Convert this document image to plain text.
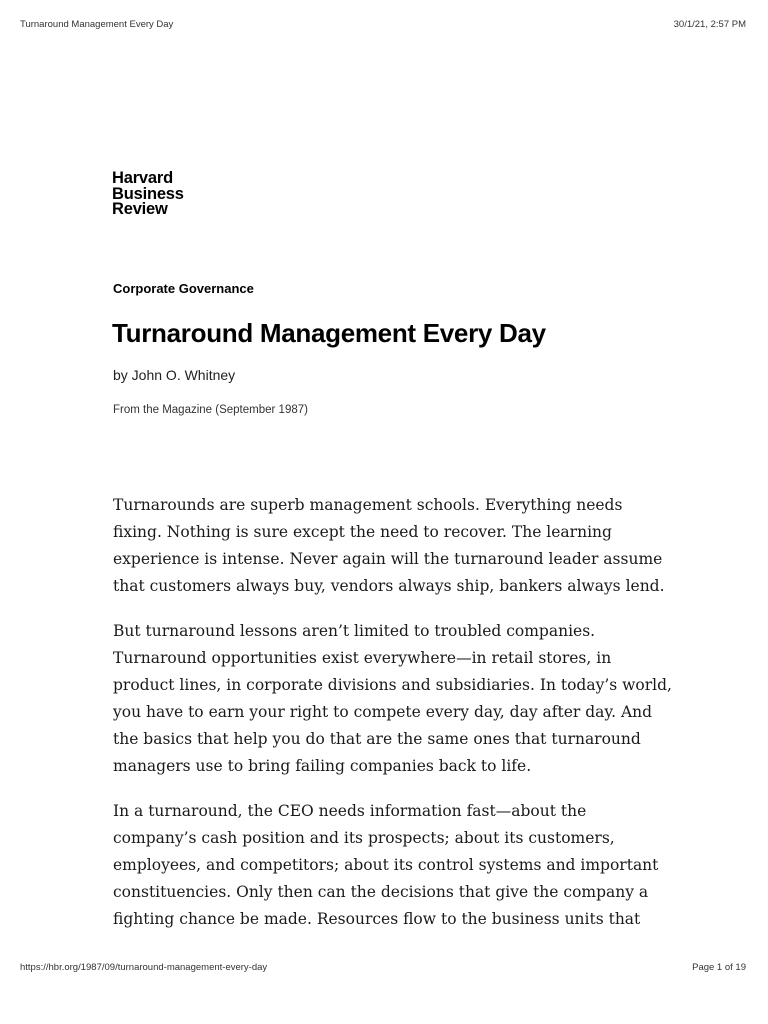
Turnaround Management Every Day	30/1/21, 2:57 PM
Harvard
Business
Review
Corporate Governance
Turnaround Management Every Day
by John O. Whitney
From the Magazine (September 1987)

Turnarounds are superb management schools. Everything needs fixing. Nothing is sure except the need to recover. The learning experience is intense. Never again will the turnaround leader assume that customers always buy, vendors always ship, bankers always lend.

But turnaround lessons aren’t limited to troubled companies. Turnaround opportunities exist everywhere—in retail stores, in product lines, in corporate divisions and subsidiaries. In today’s world, you have to earn your right to compete every day, day after day. And the basics that help you do that are the same ones that turnaround managers use to bring failing companies back to life.

In a turnaround, the CEO needs information fast—about the company’s cash position and its prospects; about its customers, employees, and competitors; about its control systems and important constituencies. Only then can the decisions that give the company a fighting chance be made. Resources flow to the business units that

https://hbr.org/1987/09/turnaround-management-every-day	Page 1 of 19
